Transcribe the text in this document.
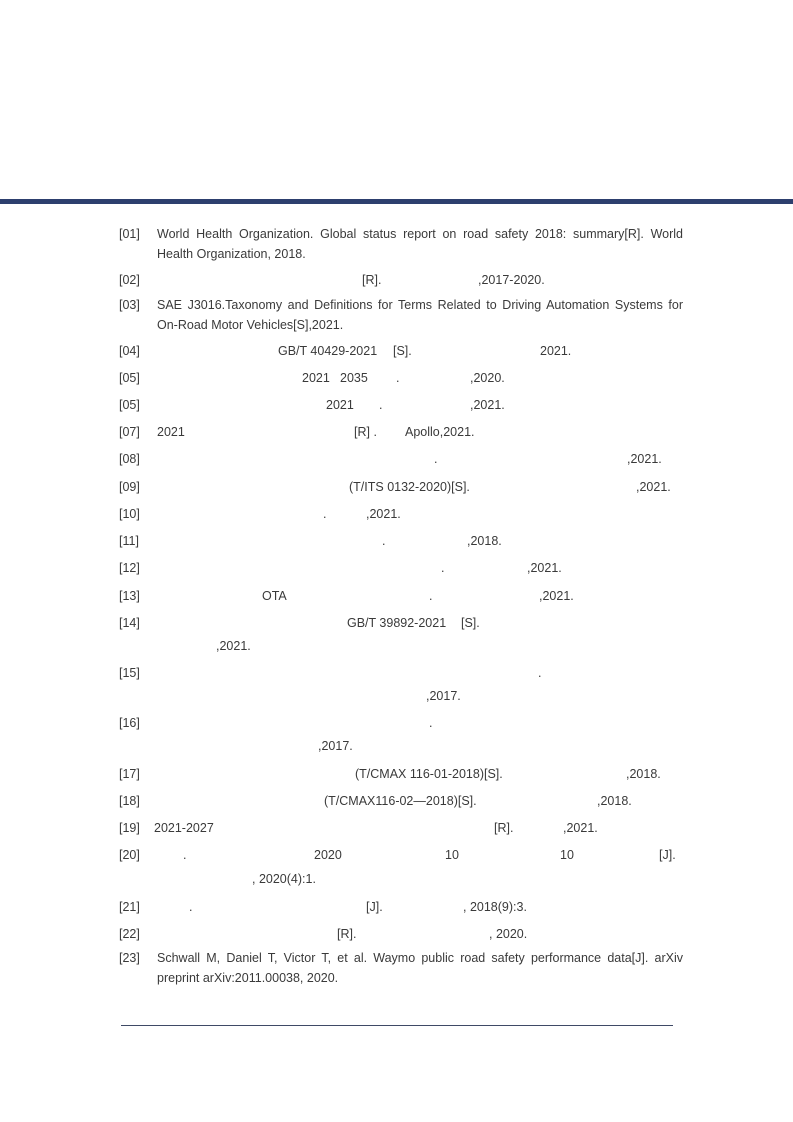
[01] World Health Organization. Global status report on road safety 2018: summary[R]. World Health Organization, 2018.
[02]	[R].	,2017-2020.
[03] SAE J3016.Taxonomy and Definitions for Terms Related to Driving Automation Systems for On-Road Motor Vehicles[S],2021.
[04]	GB/T 40429-2021 [S].	2021.
[05]	2021 2035 .	,2020.
[05]	2021 .	,2021.
[07] 2021	[R] . Apollo,2021.
[08]	.	,2021.
[09]	(T/ITS 0132-2020)[S].	,2021.
[10]	.	,2021.
[11]	.	,2018.
[12]	.	,2021.
[13]	OTA	.	,2021.
[14]	GB/T 39892-2021 [S].
,2021.
[15]	.
,2017.
[16]	.
,2017.
[17]	(T/CMAX 116-01-2018)[S].	,2018.
[18]	(T/CMAX116-02—2018)[S].	,2018.
[19] 2021-2027	[R].	,2021.
[20]	.	2020	10	10	[J].
, 2020(4):1.
[21]	.	[J].	, 2018(9):3.
[22]	[R].	, 2020.
[23] Schwall M, Daniel T, Victor T, et al. Waymo public road safety performance data[J]. arXiv preprint arXiv:2011.00038, 2020.
